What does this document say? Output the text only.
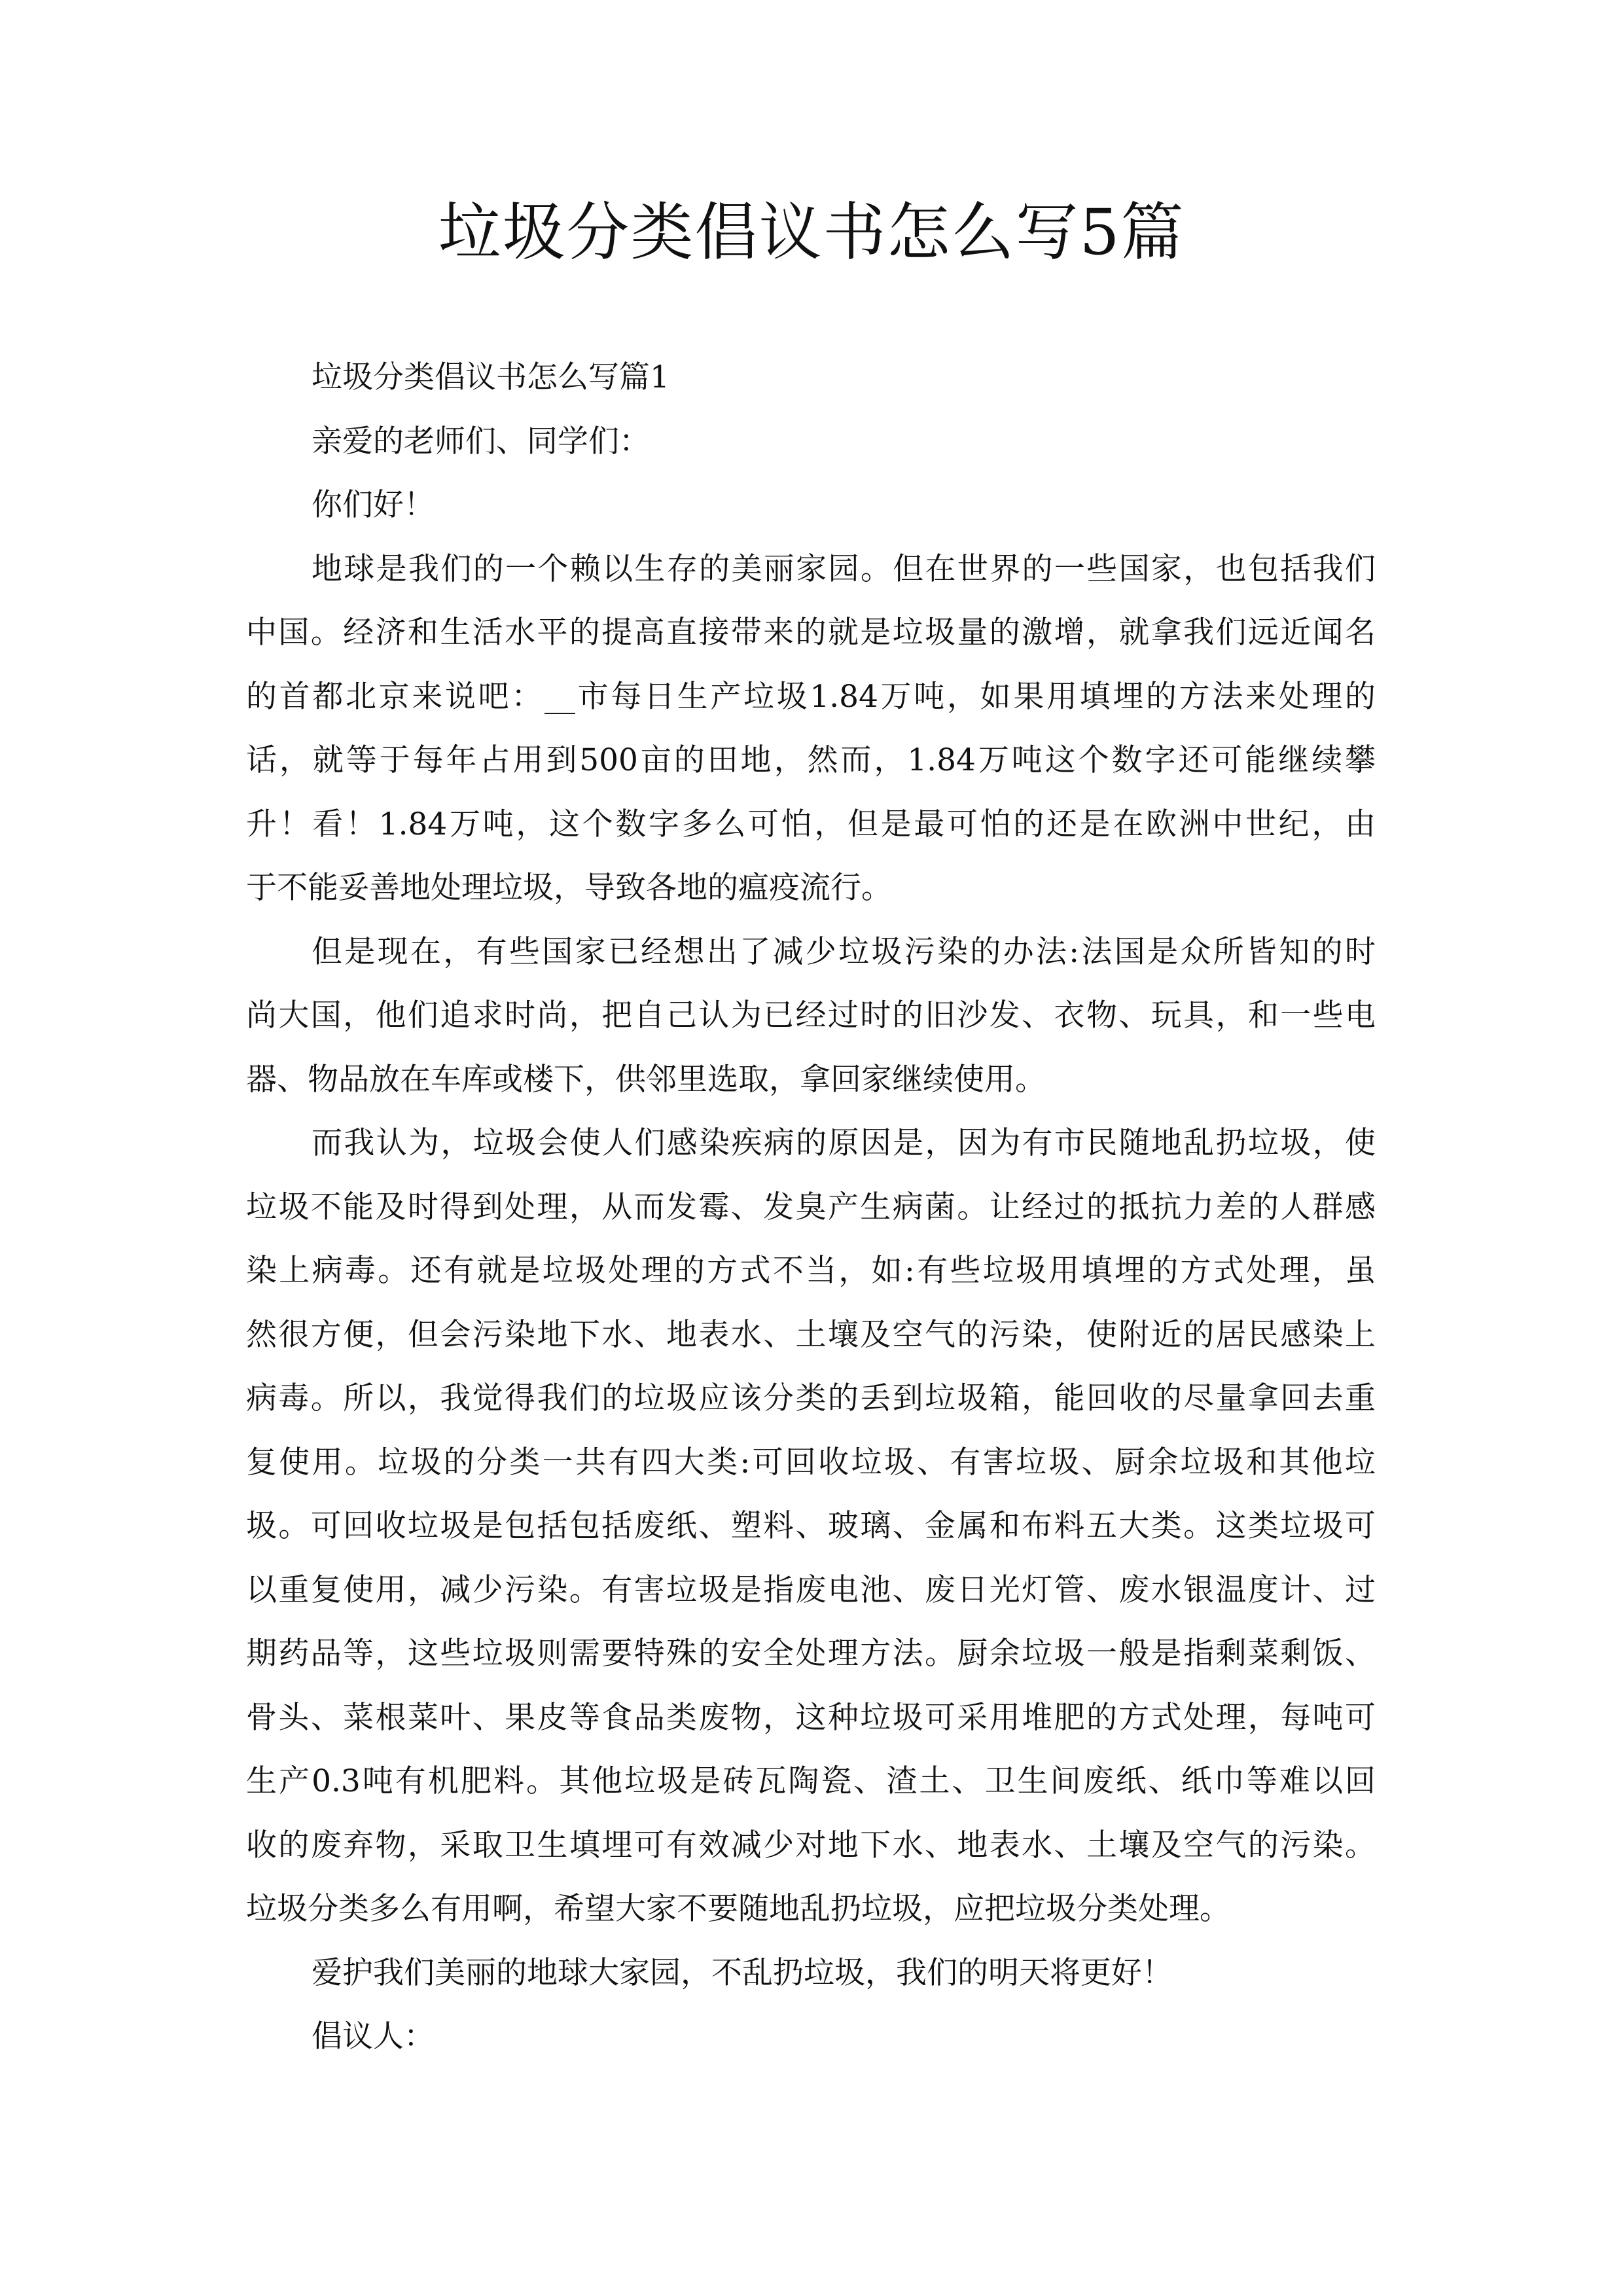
垃圾分类倡议书怎么写5篇
垃圾分类倡议书怎么写篇1
亲爱的老师们、同学们：
你们好！
地球是我们的一个赖以生存的美丽家园。但在世界的一些国家，也包括我们
中国。经济和生活水平的提高直接带来的就是垃圾量的激增，就拿我们远近闻名
的首都北京来说吧：__市每日生产垃圾1.84万吨，如果用填埋的方法来处理的
话，就等于每年占用到500亩的田地，然而，1.84万吨这个数字还可能继续攀
升！看！1.84万吨，这个数字多么可怕，但是最可怕的还是在欧洲中世纪，由
于不能妥善地处理垃圾，导致各地的瘟疫流行。
但是现在，有些国家已经想出了减少垃圾污染的办法:法国是众所皆知的时
尚大国，他们追求时尚，把自己认为已经过时的旧沙发、衣物、玩具，和一些电
器、物品放在车库或楼下，供邻里选取，拿回家继续使用。
而我认为，垃圾会使人们感染疾病的原因是，因为有市民随地乱扔垃圾，使
垃圾不能及时得到处理，从而发霉、发臭产生病菌。让经过的抵抗力差的人群感
染上病毒。还有就是垃圾处理的方式不当，如:有些垃圾用填埋的方式处理，虽
然很方便，但会污染地下水、地表水、土壤及空气的污染，使附近的居民感染上
病毒。所以，我觉得我们的垃圾应该分类的丢到垃圾箱，能回收的尽量拿回去重
复使用。垃圾的分类一共有四大类:可回收垃圾、有害垃圾、厨余垃圾和其他垃
圾。可回收垃圾是包括包括废纸、塑料、玻璃、金属和布料五大类。这类垃圾可
以重复使用，减少污染。有害垃圾是指废电池、废日光灯管、废水银温度计、过
期药品等，这些垃圾则需要特殊的安全处理方法。厨余垃圾一般是指剩菜剩饭、
骨头、菜根菜叶、果皮等食品类废物，这种垃圾可采用堆肥的方式处理，每吨可
生产0.3吨有机肥料。其他垃圾是砖瓦陶瓷、渣土、卫生间废纸、纸巾等难以回
收的废弃物，采取卫生填埋可有效减少对地下水、地表水、土壤及空气的污染。
垃圾分类多么有用啊，希望大家不要随地乱扔垃圾，应把垃圾分类处理。
爱护我们美丽的地球大家园，不乱扔垃圾，我们的明天将更好！
倡议人：
